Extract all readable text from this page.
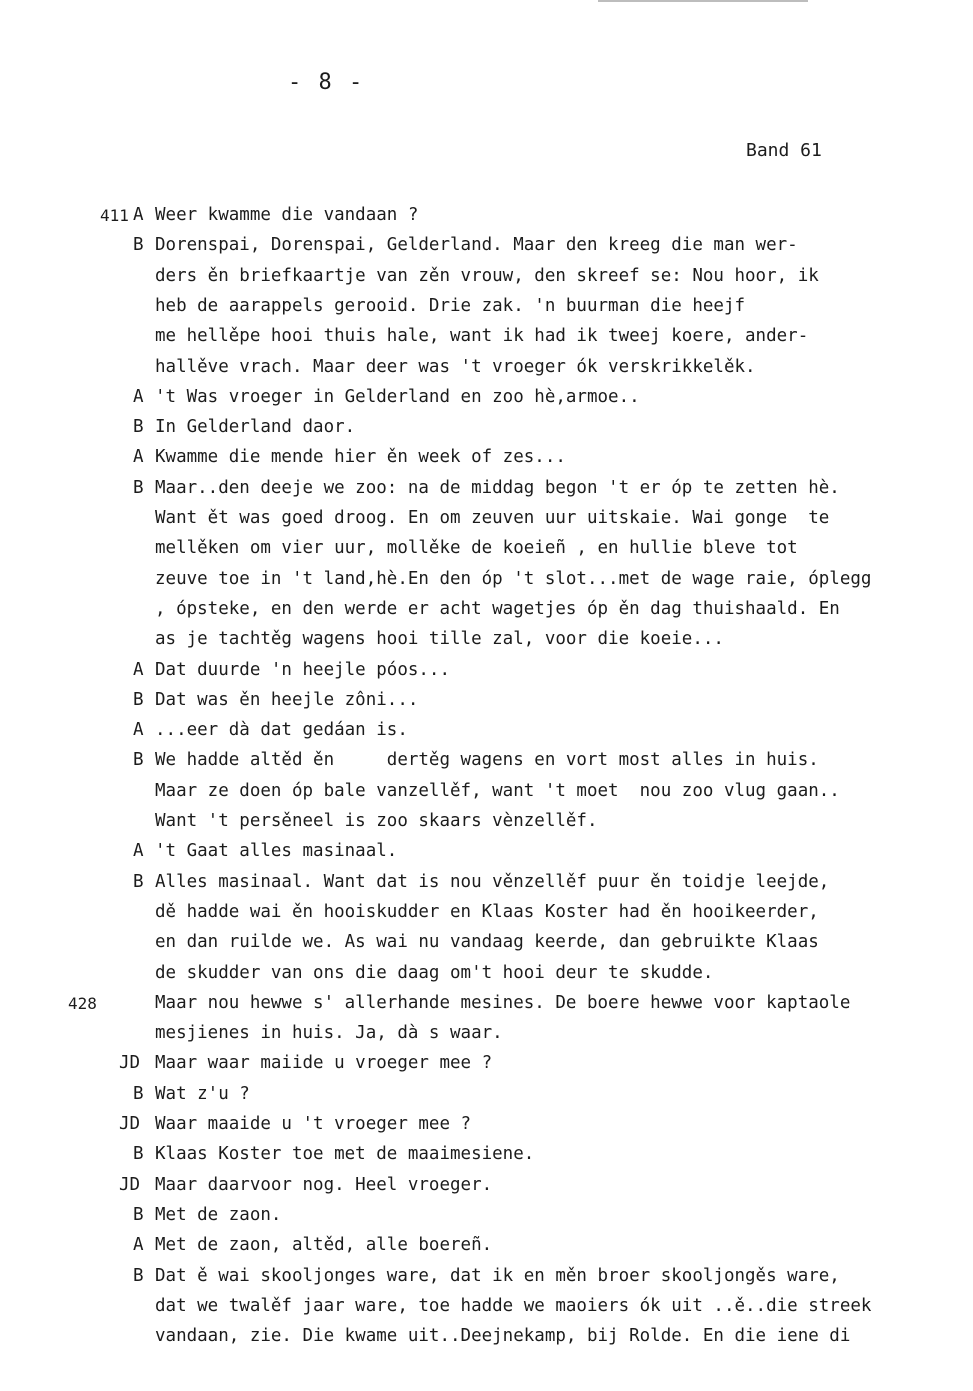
- 8 -
Band 61
A Weer kwamme die vandaan ?
B Dorenspai, Dorenspai, Gelderland. Maar den kreeg die man wer-
ders ěn briefkaartje van zěn vrouw, den skreef se: Nou hoor, ik
heb de aarappels gerooid. Drie zak. 'n buurman die heejf
me hellěpe hooi thuis hale, want ik had ik tweej koere, ander-
hallěve vrach. Maar deer was 't vroeger ók verskrikkelěk.
A 't Was vroeger in Gelderland en zoo hè,armoe..
B In Gelderland daor.
A Kwamme die mende hier ěn week of zes...
B Maar..den deeje we zoo: na de middag begon 't er óp te zetten hè.
Want ět was goed droog. En om zeuven uur uitskaie. Wai gonge  te
mellěken om vier uur, mollěke de koeieñ , en hullie bleve tot
zeuve toe in 't land,hè.En den óp 't slot...met de wage raie, óplegg
, ópsteke, en den werde er acht wagetjes óp ěn dag thuishaald. En
as je tachtěg wagens hooi tille zal, voor die koeie...
A Dat duurde 'n heejle póos...
B Dat was ěn heejle zôni...
A ...eer dà dat gedáan is.
B We hadde altěd ěn     dertěg wagens en vort most alles in huis.
Maar ze doen óp bale vanzellěf, want 't moet  nou zoo vlug gaan..
Want 't persěneel is zoo skaars vènzellěf.
A 't Gaat alles masinaal.
B Alles masinaal. Want dat is nou věnzellěf puur ěn toidje leejde,
dě hadde wai ěn hooiskudder en Klaas Koster had ěn hooikeerder,
en dan ruilde we. As wai nu vandaag keerde, dan gebruikte Klaas
de skudder van ons die daag om't hooi deur te skudde.
Maar nou hewwe s' allerhande mesines. De boere hewwe voor kaptaole
mesjienes in huis. Ja, dà s waar.
JD Maar waar maiide u vroeger mee ?
B Wat z'u ?
JD Waar maaide u 't vroeger mee ?
B Klaas Koster toe met de maaimesiene.
JD Maar daarvoor nog. Heel vroeger.
B Met de zaon.
A Met de zaon, altěd, alle boereñ.
B Dat ě wai skooljonges ware, dat ik en měn broer skooljongěs ware,
dat we twalěf jaar ware, toe hadde we maoiers ók uit ..ě..die streek
vandaan, zie. Die kwame uit..Deejnekamp, bij Rolde. En die iene di
411
428
